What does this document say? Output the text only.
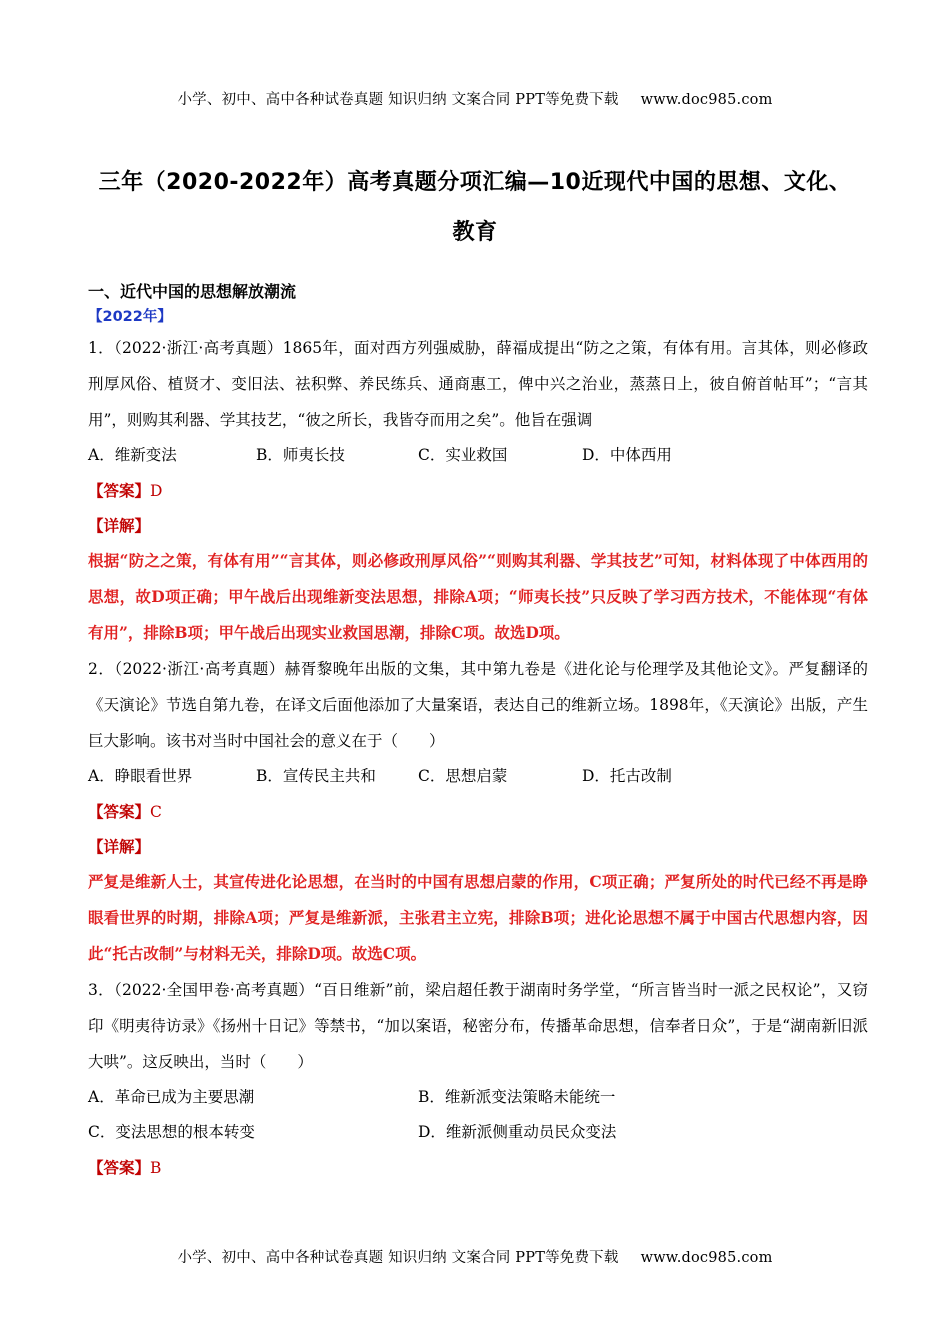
小学、初中、高中各种试卷真题 知识归纳 文案合同 PPT等免费下载 www.doc985.com
三年（2020-2022年）高考真题分项汇编—10近现代中国的思想、文化、
教育
一、近代中国的思想解放潮流
【2022年】
1．（2022·浙江·高考真题）1865年，面对西方列强威胁，薛福成提出“防之之策，有体有用。言其体，则必修政刑厚风俗、植贤才、变旧法、祛积弊、养民练兵、通商惠工，俾中兴之治业，蒸蒸日上，彼自俯首帖耳”；“言其用”，则购其利器、学其技艺，“彼之所长，我皆夺而用之矣”。他旨在强调
A．维新变法	B．师夷长技	C．实业救国	D．中体西用
【答案】D
【详解】
根据“防之之策，有体有用”“言其体，则必修政刑厚风俗”“则购其利器、学其技艺”可知，材料体现了中体西用的思想，故D项正确；甲午战后出现维新变法思想，排除A项；“师夷长技”只反映了学习西方技术，不能体现“有体有用”，排除B项；甲午战后出现实业救国思潮，排除C项。故选D项。
2．（2022·浙江·高考真题）赫胥黎晚年出版的文集，其中第九卷是《进化论与伦理学及其他论文》。严复翻译的《天演论》节选自第九卷，在译文后面他添加了大量案语，表达自己的维新立场。1898年，《天演论》出版，产生巨大影响。该书对当时中国社会的意义在于（　　）
A．睁眼看世界	B．宣传民主共和	C．思想启蒙	D．托古改制
【答案】C
【详解】
严复是维新人士，其宣传进化论思想，在当时的中国有思想启蒙的作用，C项正确；严复所处的时代已经不再是睁眼看世界的时期，排除A项；严复是维新派，主张君主立宪，排除B项；进化论思想不属于中国古代思想内容，因此“托古改制”与材料无关，排除D项。故选C项。
3．（2022·全国甲卷·高考真题）“百日维新”前，梁启超任教于湖南时务学堂，“所言皆当时一派之民权论”，又窃印《明夷待访录》《扬州十日记》等禁书，“加以案语，秘密分布，传播革命思想，信奉者日众”，于是“湖南新旧派大哄”。这反映出，当时（　　）
A．革命已成为主要思潮	B．维新派变法策略未能统一
C．变法思想的根本转变	D．维新派侧重动员民众变法
【答案】B
小学、初中、高中各种试卷真题 知识归纳 文案合同 PPT等免费下载 www.doc985.com
